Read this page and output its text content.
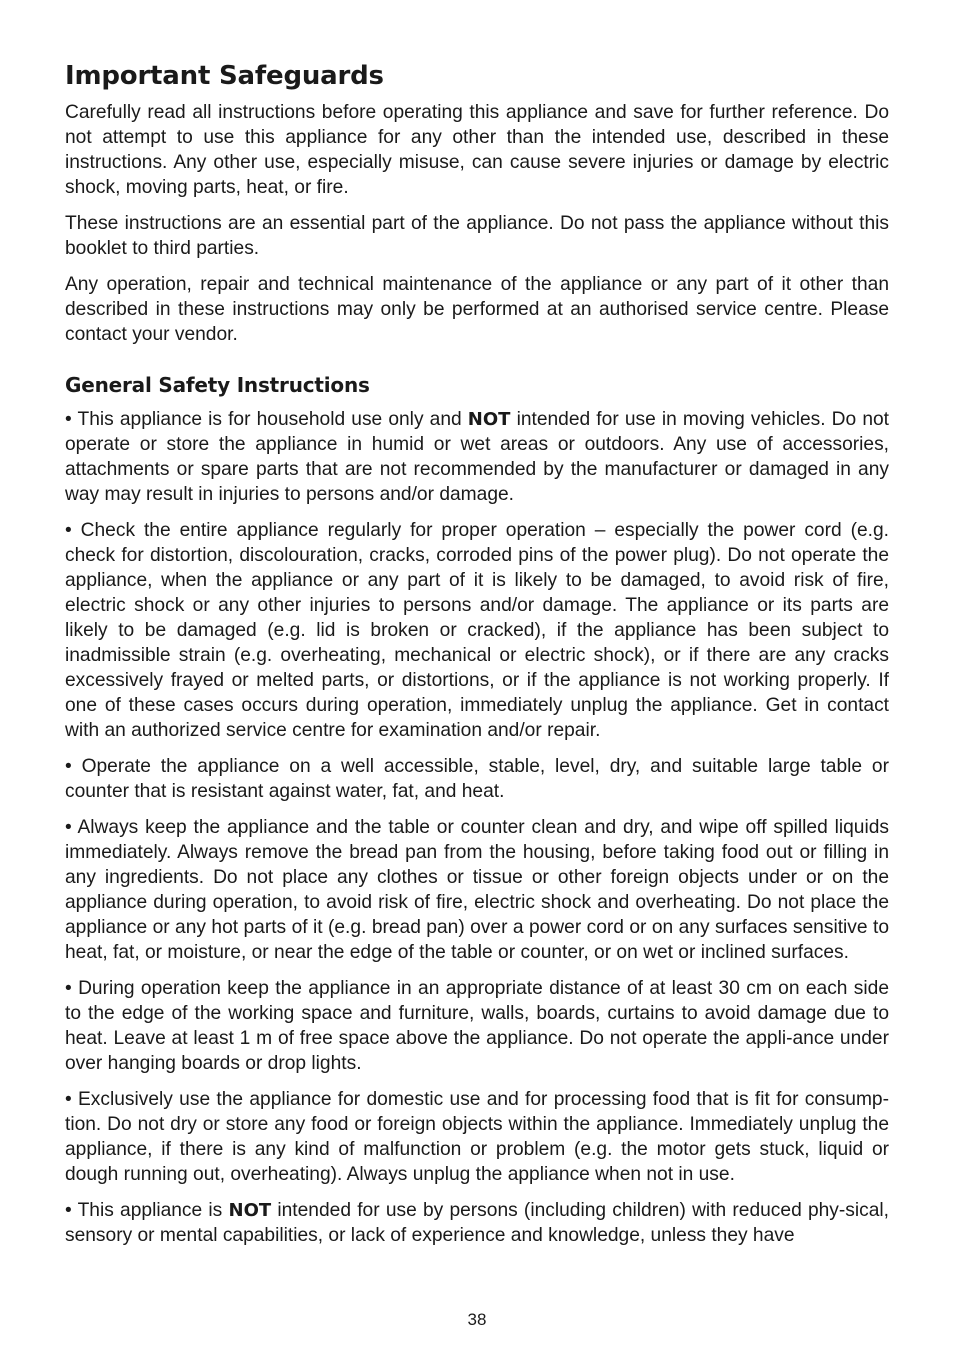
Important Safeguards

Carefully read all instructions before operating this appliance and save for further reference. Do not attempt to use this appliance for any other than the intended use, described in these instructions. Any other use, especially misuse, can cause severe injuries or damage by electric shock, moving parts, heat, or fire.

These instructions are an essential part of the appliance. Do not pass the appliance without this booklet to third parties.

Any operation, repair and technical maintenance of the appliance or any part of it other than described in these instructions may only be performed at an authorised service centre. Please contact your vendor.

General Safety Instructions

• This appliance is for household use only and NOT intended for use in moving vehicles. Do not operate or store the appliance in humid or wet areas or outdoors. Any use of accessories, attachments or spare parts that are not recommended by the manufacturer or damaged in any way may result in injuries to persons and/or damage.

• Check the entire appliance regularly for proper operation – especially the power cord (e.g. check for distortion, discolouration, cracks, corroded pins of the power plug). Do not operate the appliance, when the appliance or any part of it is likely to be damaged, to avoid risk of fire, electric shock or any other injuries to persons and/or damage. The appliance or its parts are likely to be damaged (e.g. lid is broken or cracked), if the appliance has been subject to inadmissible strain (e.g. overheating, mechanical or electric shock), or if there are any cracks excessively frayed or melted parts, or distortions, or if the appliance is not working properly. If one of these cases occurs during operation, immediately unplug the appliance. Get in contact with an authorized service centre for examination and/or repair.

• Operate the appliance on a well accessible, stable, level, dry, and suitable large table or counter that is resistant against water, fat, and heat.

• Always keep the appliance and the table or counter clean and dry, and wipe off spilled liquids immediately. Always remove the bread pan from the housing, before taking food out or filling in any ingredients. Do not place any clothes or tissue or other foreign objects under or on the appliance during operation, to avoid risk of fire, electric shock and overheating. Do not place the appliance or any hot parts of it (e.g. bread pan) over a power cord or on any surfaces sensitive to heat, fat, or moisture, or near the edge of the table or counter, or on wet or inclined surfaces.

• During operation keep the appliance in an appropriate distance of at least 30 cm on each side to the edge of the working space and furniture, walls, boards, curtains to avoid damage due to heat. Leave at least 1 m of free space above the appliance. Do not operate the appli-ance under over hanging boards or drop lights.

• Exclusively use the appliance for domestic use and for processing food that is fit for consump-tion. Do not dry or store any food or foreign objects within the appliance. Immediately unplug the appliance, if there is any kind of malfunction or problem (e.g. the motor gets stuck, liquid or dough running out, overheating). Always unplug the appliance when not in use.

• This appliance is NOT intended for use by persons (including children) with reduced phy-sical, sensory or mental capabilities, or lack of experience and knowledge, unless they have

38
